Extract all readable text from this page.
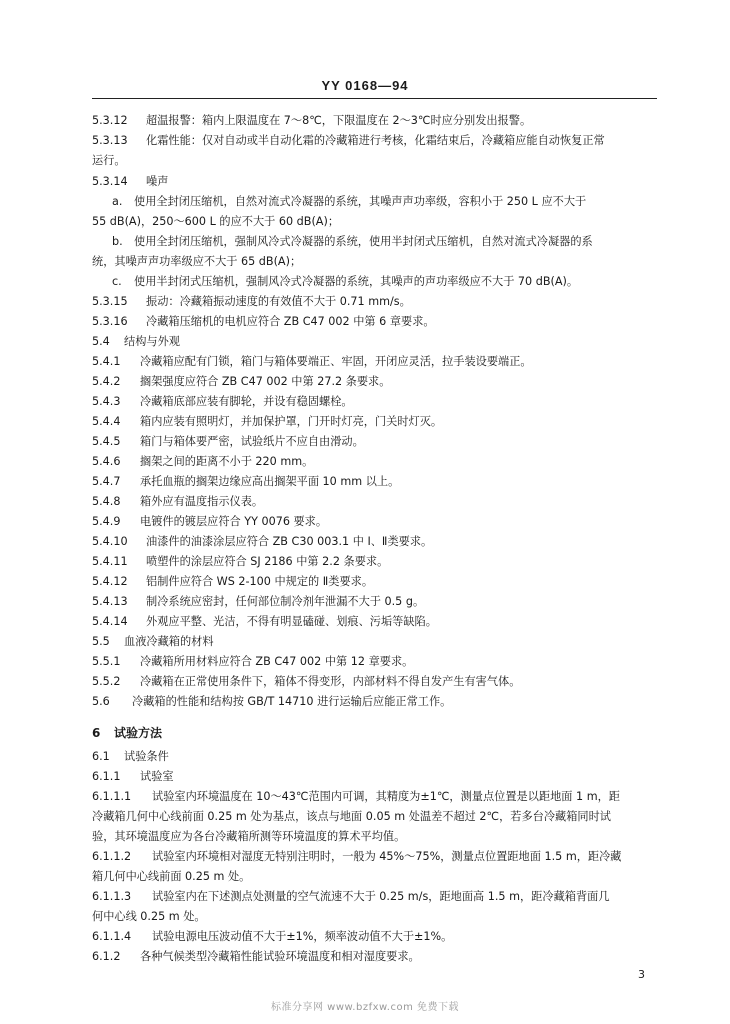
YY 0168—94
5.3.12 超温报警：箱内上限温度在 7～8℃，下限温度在 2～3℃时应分别发出报警。
5.3.13 化霜性能：仅对自动或半自动化霜的冷藏箱进行考核，化霜结束后，冷藏箱应能自动恢复正常
运行。
5.3.14 噪声
a. 使用全封闭压缩机，自然对流式冷凝器的系统，其噪声声功率级，容积小于 250 L 应不大于
55 dB(A)，250～600 L 的应不大于 60 dB(A)；
b. 使用全封闭压缩机，强制风冷式冷凝器的系统，使用半封闭式压缩机，自然对流式冷凝器的系
统，其噪声声功率级应不大于 65 dB(A)；
c. 使用半封闭式压缩机，强制风冷式冷凝器的系统，其噪声的声功率级应不大于 70 dB(A)。
5.3.15 振动：冷藏箱振动速度的有效值不大于 0.71 mm/s。
5.3.16 冷藏箱压缩机的电机应符合 ZB C47 002 中第 6 章要求。
5.4 结构与外观
5.4.1 冷藏箱应配有门锁，箱门与箱体要端正、牢固，开闭应灵活，拉手装设要端正。
5.4.2 搁架强度应符合 ZB C47 002 中第 27.2 条要求。
5.4.3 冷藏箱底部应装有脚轮，并设有稳固螺栓。
5.4.4 箱内应装有照明灯，并加保护罩，门开时灯亮，门关时灯灭。
5.4.5 箱门与箱体要严密，试验纸片不应自由滑动。
5.4.6 搁架之间的距离不小于 220 mm。
5.4.7 承托血瓶的搁架边缘应高出搁架平面 10 mm 以上。
5.4.8 箱外应有温度指示仪表。
5.4.9 电镀件的镀层应符合 YY 0076 要求。
5.4.10 油漆件的油漆涂层应符合 ZB C30 003.1 中 Ⅰ、Ⅱ类要求。
5.4.11 喷塑件的涂层应符合 SJ 2186 中第 2.2 条要求。
5.4.12 铝制件应符合 WS 2-100 中规定的 Ⅱ类要求。
5.4.13 制冷系统应密封，任何部位制冷剂年泄漏不大于 0.5 g。
5.4.14 外观应平整、光洁，不得有明显磕碰、划痕、污垢等缺陷。
5.5 血液冷藏箱的材料
5.5.1 冷藏箱所用材料应符合 ZB C47 002 中第 12 章要求。
5.5.2 冷藏箱在正常使用条件下，箱体不得变形，内部材料不得自发产生有害气体。
5.6 冷藏箱的性能和结构按 GB/T 14710 进行运输后应能正常工作。
6 试验方法
6.1 试验条件
6.1.1 试验室
6.1.1.1 试验室内环境温度在 10～43℃范围内可调，其精度为±1℃，测量点位置是以距地面 1 m，距
冷藏箱几何中心线前面 0.25 m 处为基点，该点与地面 0.05 m 处温差不超过 2℃，若多台冷藏箱同时试
验，其环境温度应为各台冷藏箱所测等环境温度的算术平均值。
6.1.1.2 试验室内环境相对湿度无特别注明时，一般为 45%～75%，测量点位置距地面 1.5 m，距冷藏
箱几何中心线前面 0.25 m 处。
6.1.1.3 试验室内在下述测点处测量的空气流速不大于 0.25 m/s，距地面高 1.5 m，距冷藏箱背面几
何中心线 0.25 m 处。
6.1.1.4 试验电源电压波动值不大于±1%，频率波动值不大于±1%。
6.1.2 各种气候类型冷藏箱性能试验环境温度和相对湿度要求。
3
标准分享网 www.bzfxw.com 免费下载
